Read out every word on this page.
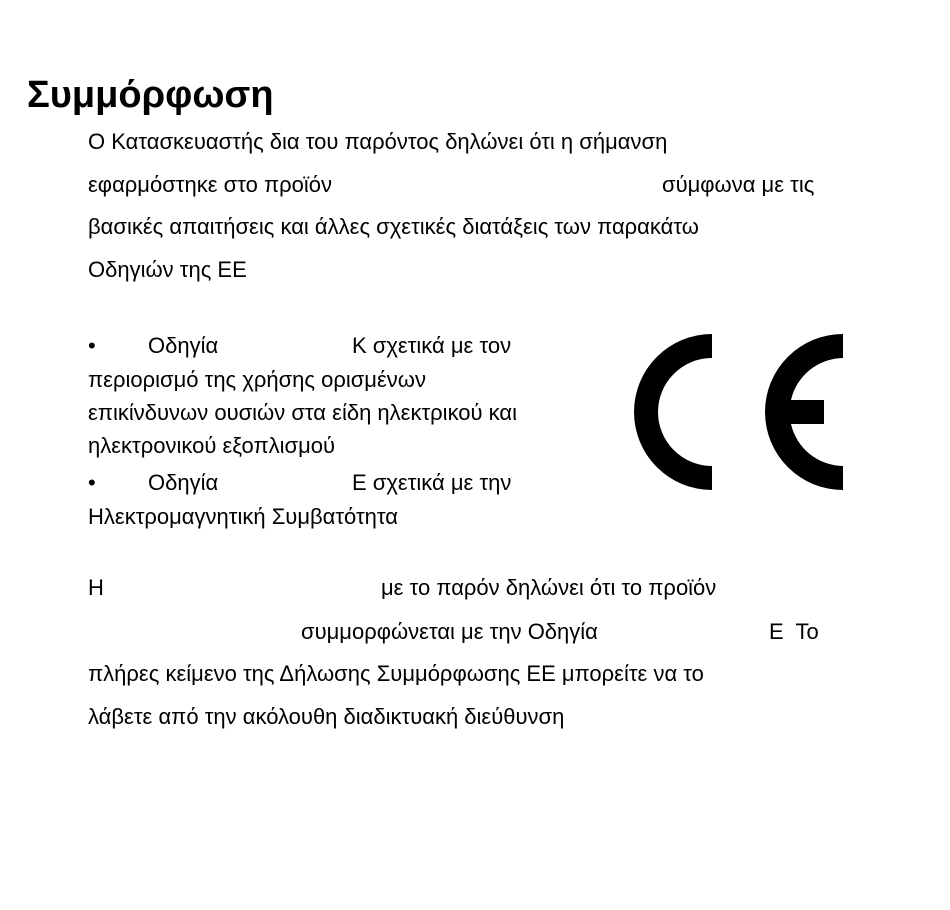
Συμμόρφωση
Ο Κατασκευαστής δια του παρόντος δηλώνει ότι η σήμανση
εφαρμόστηκε στο προϊόν	σύμφωνα με τις
βασικές απαιτήσεις και άλλες σχετικές διατάξεις των παρακάτω
Οδηγιών της ΕΕ
• Οδηγία	Κ σχετικά με τον
περιορισμό της χρήσης ορισμένων
επικίνδυνων ουσιών στα είδη ηλεκτρικού και
ηλεκτρονικού εξοπλισμού
• Οδηγία	Ε σχετικά με την
Ηλεκτρομαγνητική Συμβατότητα
Η	με το παρόν δηλώνει ότι το προϊόν
συμμορφώνεται με την Οδηγία	Ε  Το
πλήρες κείμενο της Δήλωσης Συμμόρφωσης ΕΕ μπορείτε να το
λάβετε από την ακόλουθη διαδικτυακή διεύθυνση
